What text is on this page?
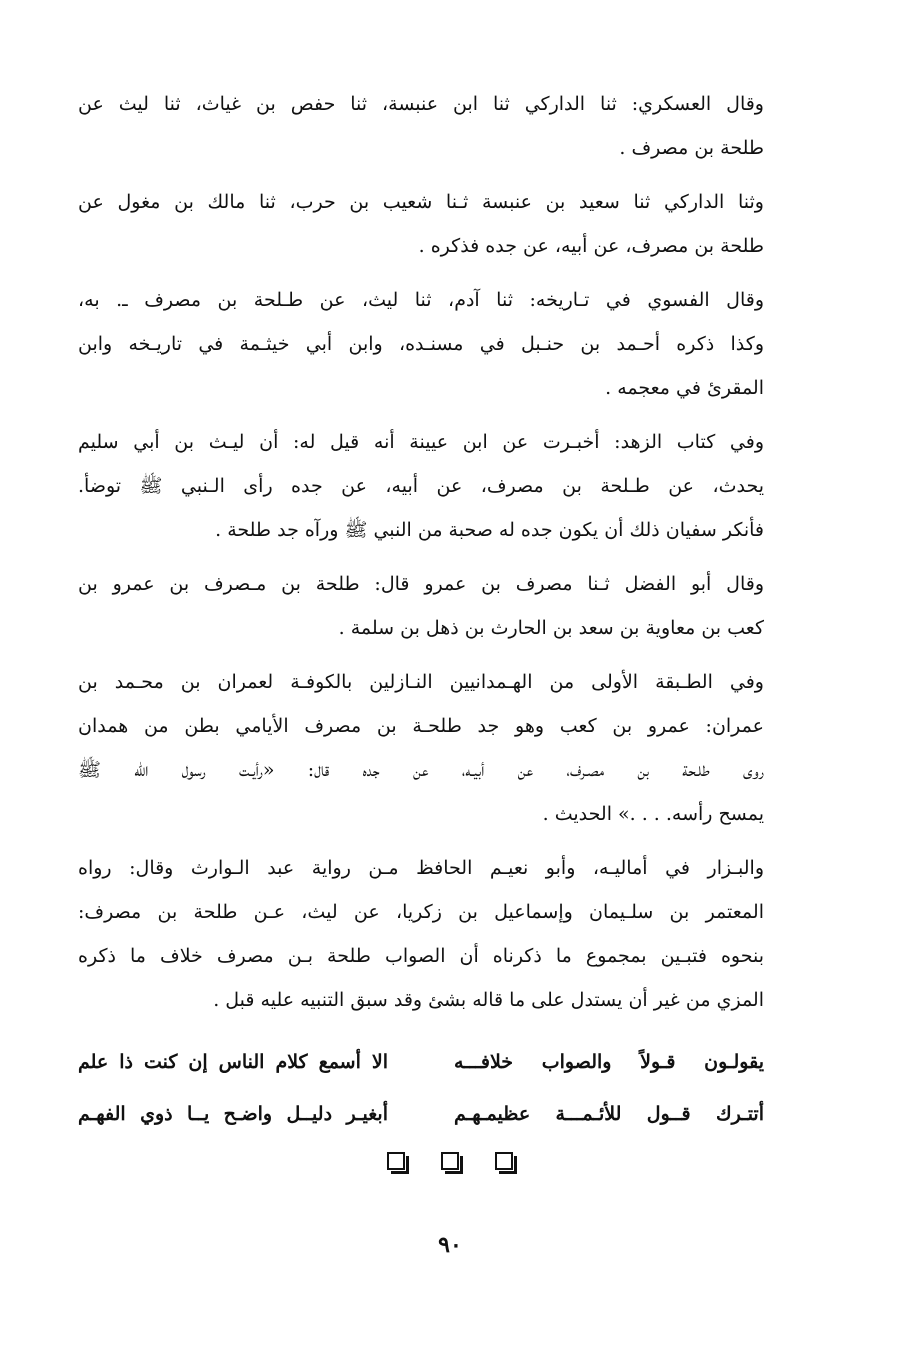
وقال العسكري: ثنا الداركي ثنا ابن عنبسة، ثنا حفص بن غياث، ثنا ليث عن
طلحة بن مصرف .
وثنا الداركي ثنا سعيد بن عنبسة ثـنا شعيب بن حرب، ثنا مالك بن مغول عن
طلحة بن مصرف، عن أبيه، عن جده فذكره .
وقال الفسوي في تـاريخه: ثنا آدم، ثنا ليث، عن طـلحة بن مصرف ـ. به،
وكذا ذكره أحـمد بن حنـبل في مسنـده، وابن أبي خيثـمة في تاريـخه وابن
المقرئ في معجمه .
وفي كتاب الزهد: أخبـرت عن ابن عيينة أنه قيل له: أن ليـث بن أبي سليم
يحدث، عن طـلحة بن مصرف، عن أبيه، عن جده رأى الـنبي ﷺ توضأ.
فأنكر سفيان ذلك أن يكون جده له صحبة من النبي ﷺ ورآه جد طلحة .
وقال أبو الفضل ثـنا مصرف بن عمرو قال: طلحة بن مـصرف بن عمرو بن
كعب بن معاوية بن سعد بن الحارث بن ذهل بن سلمة .
وفي الطـبقة الأولى من الهـمدانيين النـازلين بالكوفـة لعمران بن محـمد بن
عمران: عمرو بن كعب وهو جد طلحـة بن مصرف الأيامي بطن من همدان
روى طلـحة بن مصـرف، عن أبيـه، عن جده قال: «رأيـت رسول الله ﷺ
يمسح رأسه. . . .» الحديث .
والبـزار في أماليـه، وأبو نعيـم الحافظ مـن رواية عبد الـوارث وقال: رواه
المعتمر بن سلـيمان وإسماعيل بن زكريا، عن ليث، عـن طلحة بن مصرف:
بنحوه فتبـين بمجموع ما ذكرناه أن الصواب طلحة بـن مصرف خلاف ما ذكره
المزي من غير أن يستدل على ما قاله بشئ وقد سبق التنبيه عليه قبل .
يقولـون قـولاً والصواب خلافـــه
الا أسمع كلام الناس إن كنت ذا علم
أتتـرك قــول للأئـمـــة عظيمـهـم
أبغيـر دليــل واضـح يــا ذوي الفهـم
٩٠
